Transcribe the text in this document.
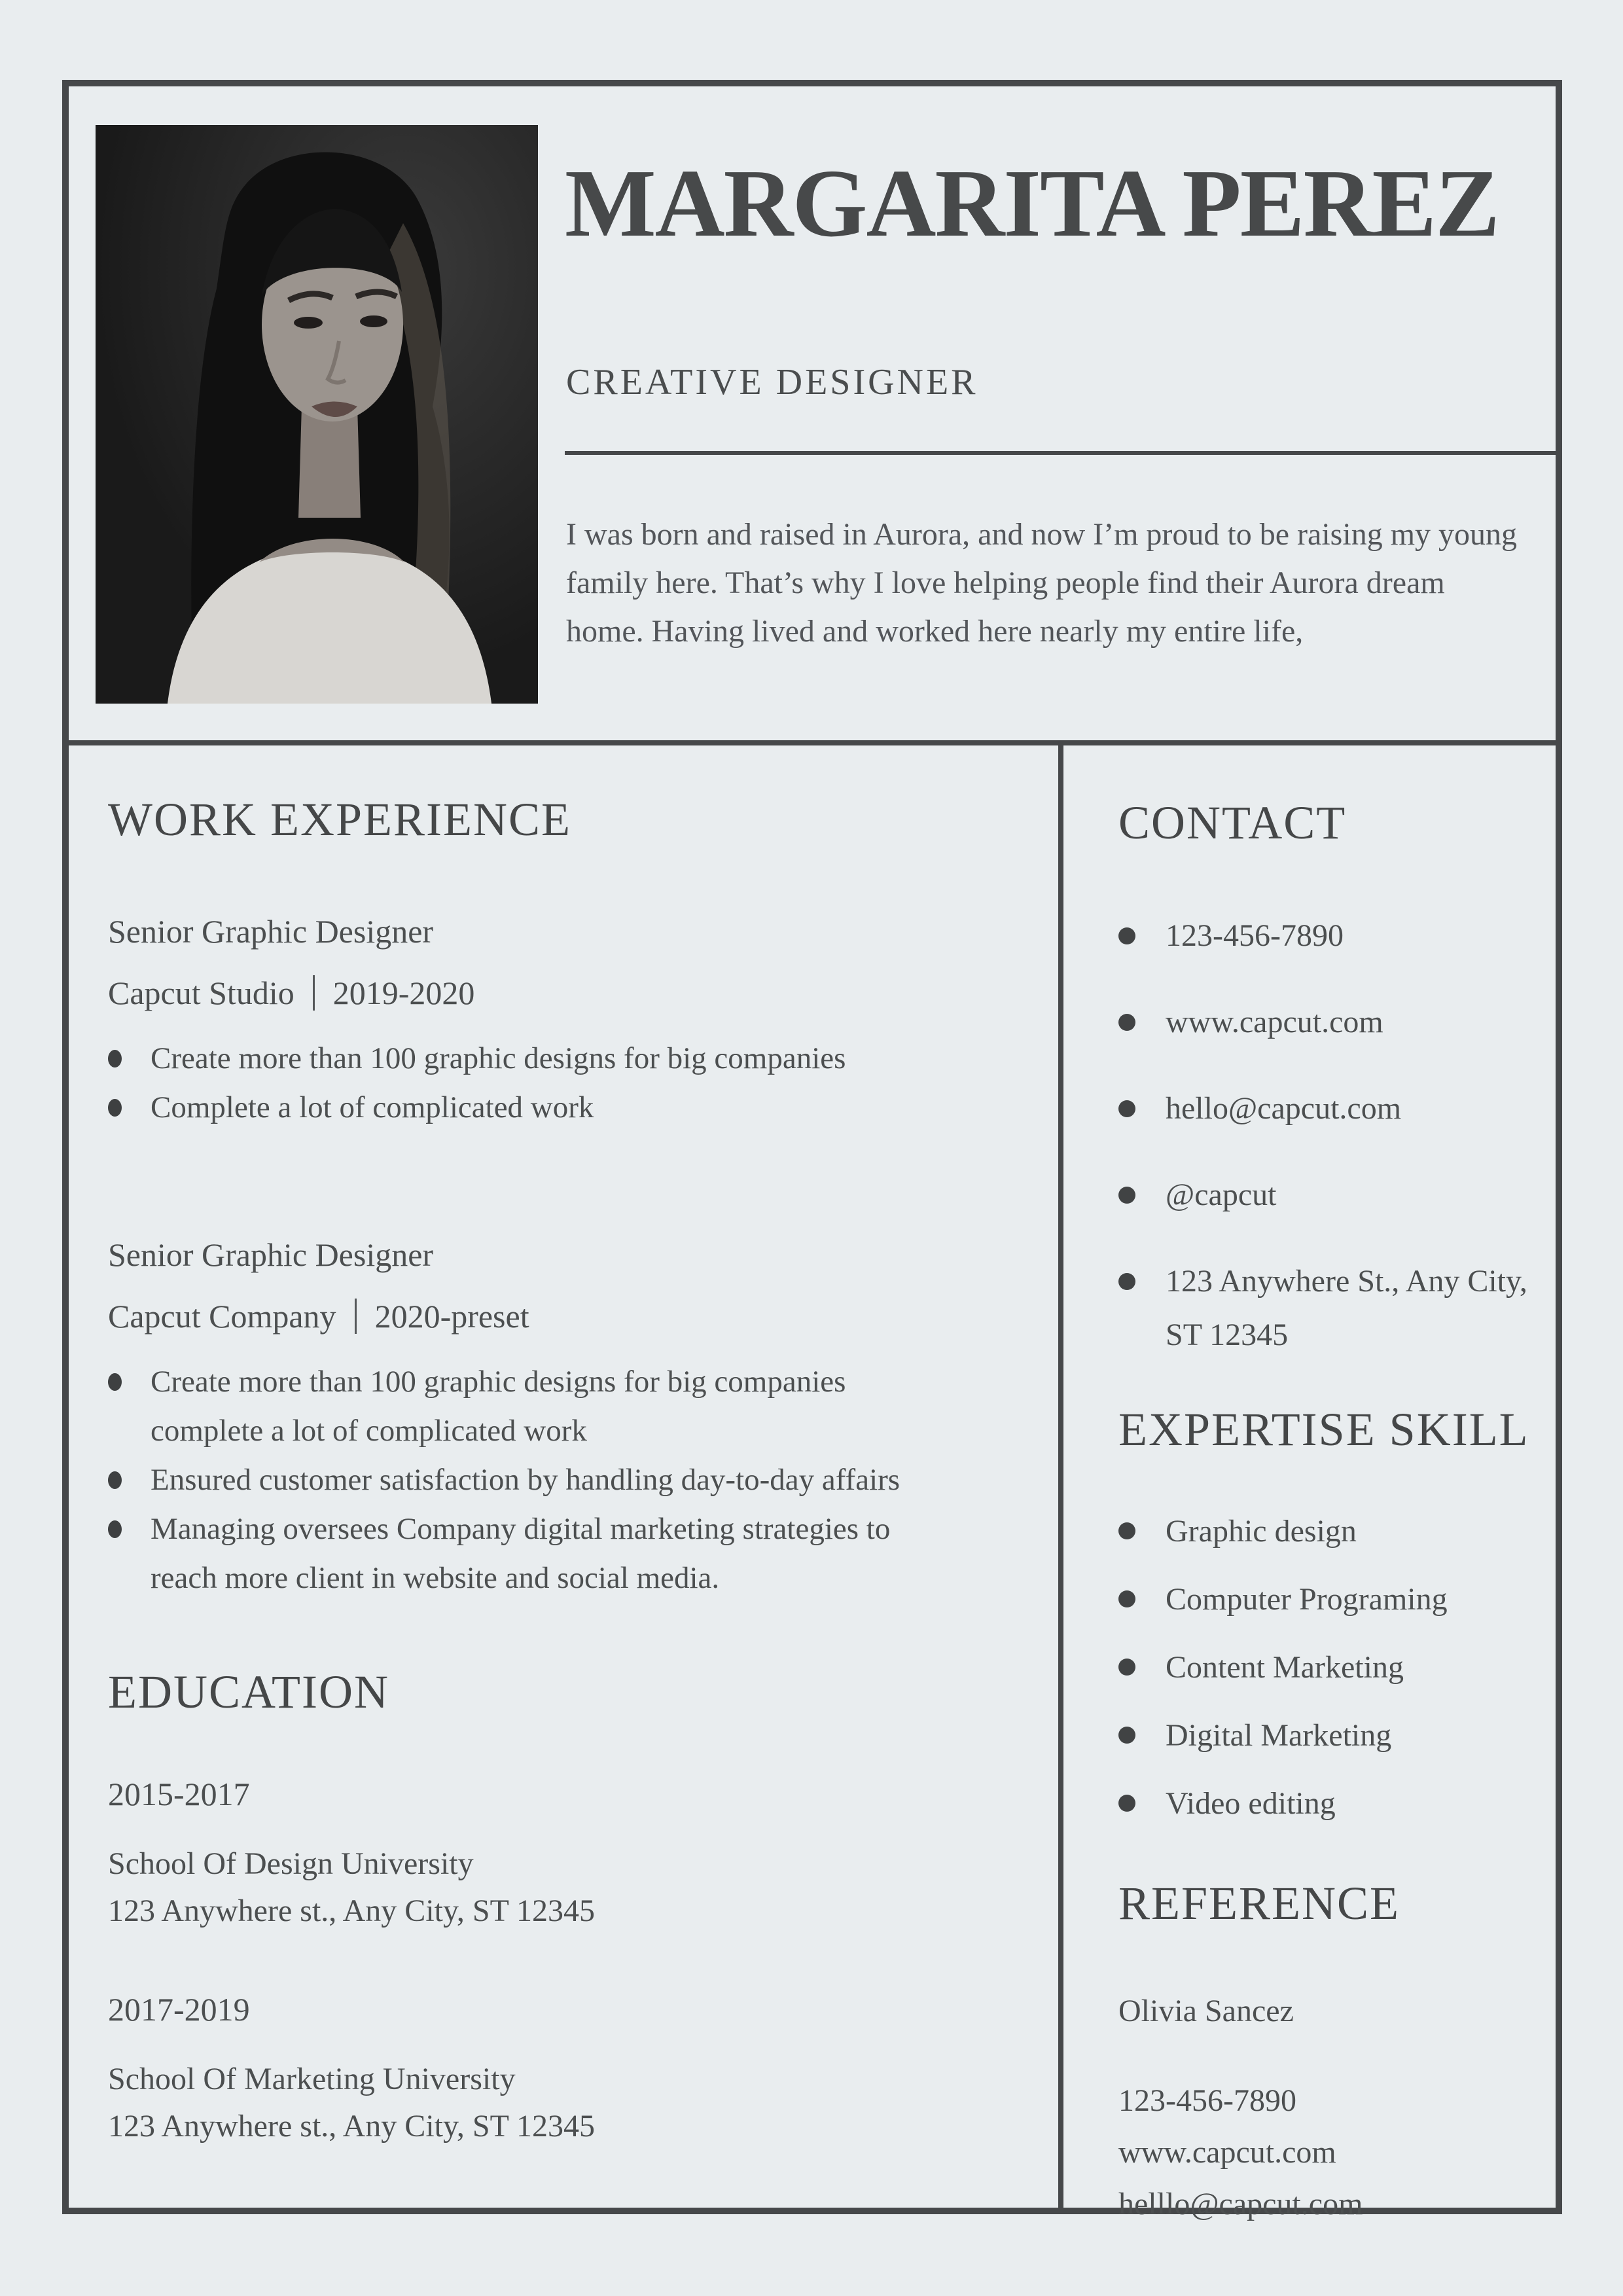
MARGARITA PEREZ
CREATIVE DESIGNER

I was born and raised in Aurora, and now I’m proud to be raising my young family here. That’s why I love helping people find their Aurora dream home. Having lived and worked here nearly my entire life,

WORK EXPERIENCE
Senior Graphic Designer
Capcut Studio 2019-2020
Create more than 100 graphic designs for big companies
Complete a lot of complicated work
Senior Graphic Designer
Capcut Company 2020-preset
Create more than 100 graphic designs for big companies complete a lot of complicated work
Ensured customer satisfaction by handling day-to-day affairs
Managing oversees Company digital marketing strategies to reach more client in website and social media.
EDUCATION
2015-2017
School Of Design University
123 Anywhere st., Any City, ST 12345
2017-2019
School Of Marketing University
123 Anywhere st., Any City, ST 12345
CONTACT
123-456-7890
www.capcut.com
hello@capcut.com
@capcut
123 Anywhere St., Any City, ST 12345
EXPERTISE SKILL
Graphic design
Computer Programing
Content Marketing
Digital Marketing
Video editing
REFERENCE
Olivia Sancez
123-456-7890
www.capcut.com
helllo@capcut.com
